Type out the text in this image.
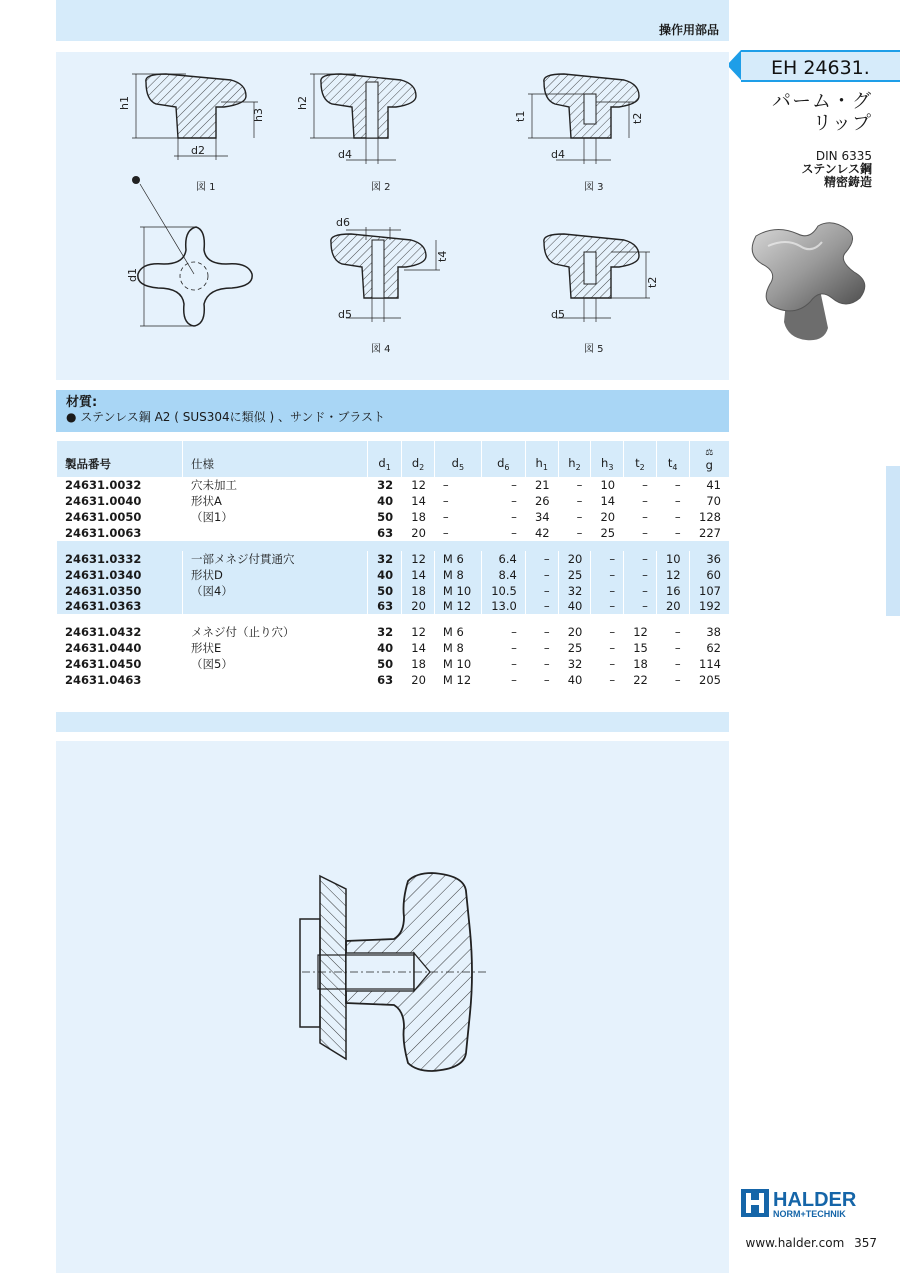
操作用部品
EH 24631.
パーム・グ
リップ
DIN 6335
ステンレス鋼
精密鋳造
h1
h3
d2
h2
d4
t1	t2
d4
d1
d6
t4
d5
t2
d5
図 1	図 2	図 3
図 4	図 5
材質:
● ステンレス鋼 A2 ( SUS304に類似 ) 、サンド・ブラスト
製品番号	仕様	$d_1$	$d_2$	$d_5$	$d_6$	$h_1$	$h_2$	$h_3$	$t_2$	$t_4$	⚖
g

24631.0032	穴未加工	32	12	–	–	21	–	10	–	–	41
24631.0040	形状A	40	14	–	–	26	–	14	–	–	70
24631.0050	（図1）	50	18	–	–	34	–	20	–	–	128
24631.0063		63	20	–	–	42	–	25	–	–	227

24631.0332	一部メネジ付貫通穴	32	12	M 6	6.4	–	20	–	–	10	36
24631.0340	形状D	40	14	M 8	8.4	–	25	–	–	12	60
24631.0350	（図4）	50	18	M 10	10.5	–	32	–	–	16	107
24631.0363		63	20	M 12	13.0	–	40	–	–	20	192

24631.0432	メネジ付（止り穴）	32	12	M 6	–	–	20	–	12	–	38
24631.0440	形状E	40	14	M 8	–	–	25	–	15	–	62
24631.0450	（図5）	50	18	M 10	–	–	32	–	18	–	114
24631.0463		63	20	M 12	–	–	40	–	22	–	205
HALDER
NORM+TECHNIK
www.halder.com 357
